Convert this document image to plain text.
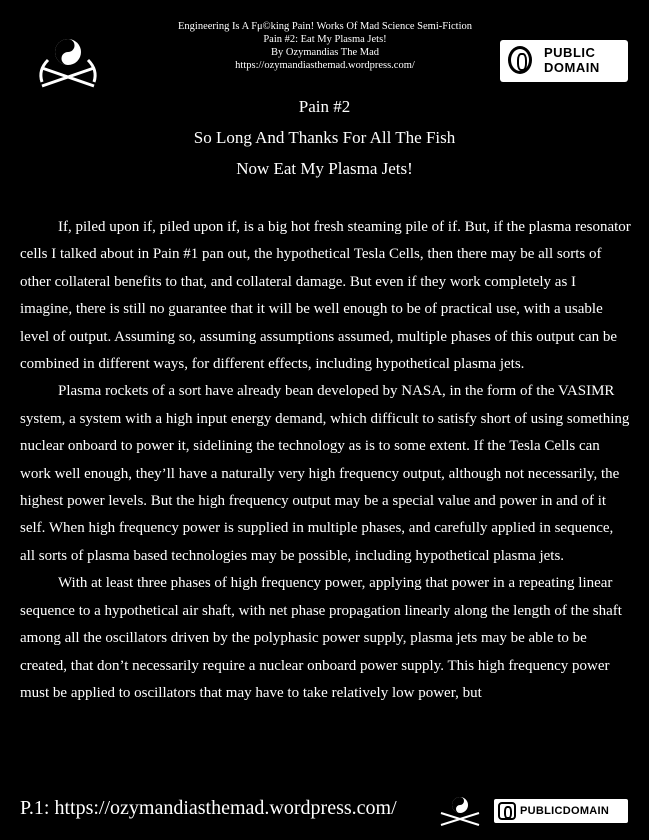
Engineering Is A Fμ©king Pain! Works Of Mad Science Semi-Fiction
Pain #2: Eat My Plasma Jets!
By Ozymandias The Mad
https://ozymandiasthemad.wordpress.com/
PUBLIC
DOMAIN
Pain #2
So Long And Thanks For All The Fish
Now Eat My Plasma Jets!

If, piled upon if, piled upon if, is a big hot fresh steaming pile of if. But, if the plasma resonator cells I talked about in Pain #1 pan out, the hypothetical Tesla Cells, then there may be all sorts of other collateral benefits to that, and collateral damage. But even if they work completely as I imagine, there is still no guarantee that it will be well enough to be of practical use, with a usable level of output. Assuming so, assuming assumptions assumed, multiple phases of this output can be combined in different ways, for different effects, including hypothetical plasma jets.

Plasma rockets of a sort have already bean developed by NASA, in the form of the VASIMR system, a system with a high input energy demand, which difficult to satisfy short of using something nuclear onboard to power it, sidelining the technology as is to some extent. If the Tesla Cells can work well enough, they’ll have a naturally very high frequency output, although not necessarily, the highest power levels. But the high frequency output may be a special value and power in and of it self. When high frequency power is supplied in multiple phases, and carefully applied in sequence, all sorts of plasma based technologies may be possible, including hypothetical plasma jets.

With at least three phases of high frequency power, applying that power in a repeating linear sequence to a hypothetical air shaft, with net phase propagation linearly along the length of the shaft among all the oscillators driven by the polyphasic power supply, plasma jets may be able to be created, that don’t necessarily require a nuclear onboard power supply. This high frequency power must be applied to oscillators that may have to take relatively low power, but

P.1: https://ozymandiasthemad.wordpress.com/	PUBLICDOMAIN
